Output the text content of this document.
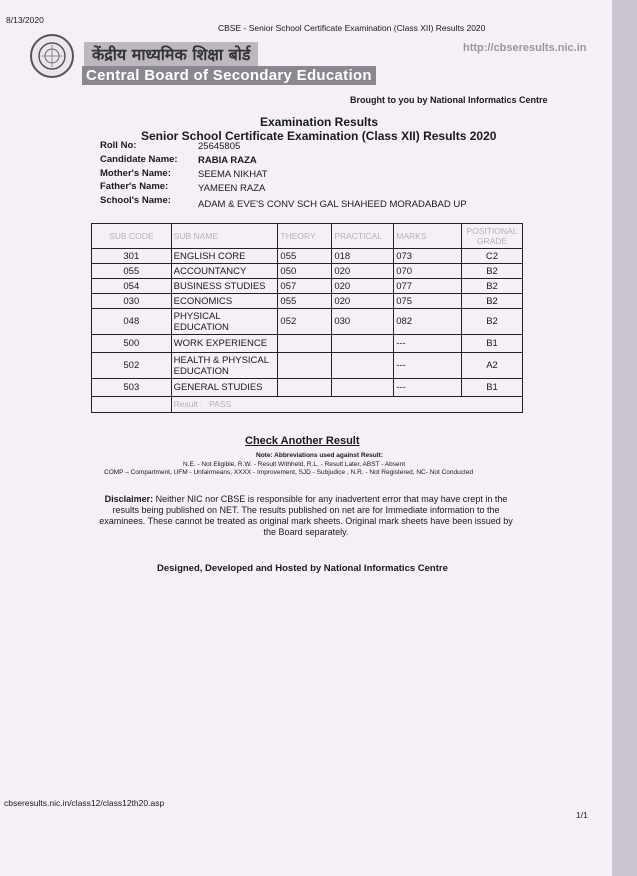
8/13/2020
CBSE - Senior School Certificate Examination (Class XII) Results 2020
केंद्रीय माध्यमिक शिक्षा बोर्ड
Central Board of Secondary Education
http://cbseresults.nic.in
Brought to you by National Informatics Centre
Examination Results
Senior School Certificate Examination (Class XII) Results 2020
Roll No:	25645805
Candidate Name: RABIA RAZA
Mother's Name:	SEEMA NIKHAT
Father's Name:	YAMEEN RAZA
School's Name:	ADAM & EVE'S CONV SCH GAL SHAHEED MORADABAD UP
SUB CODE	SUB NAME	THEORY	PRACTICAL	MARKS	POSITIONAL GRADE
301	ENGLISH CORE	055	018	073	C2
055	ACCOUNTANCY	050	020	070	B2
054	BUSINESS STUDIES	057	020	077	B2
030	ECONOMICS	055	020	075	B2
048	PHYSICAL EDUCATION	052	030	082	B2
500	WORK EXPERIENCE			---	B1
502	HEALTH & PHYSICAL EDUCATION			---	A2
503	GENERAL STUDIES			---	B1
	Result : PASS				
Check Another Result
Note: Abbreviations used against Result:
N.E. - Not Eligible, R.W. - Result Withheld, R.L. - Result Later, ABST - Absent
COMP – Compartment, UFM - Unfairmeans, XXXX - Improvement, SJD - Subjudice , N.R. - Not Registered, NC- Not Conducted
Disclaimer: Neither NIC nor CBSE is responsible for any inadvertent error that may have crept in the results being published on NET. The results published on net are for Immediate information to the examinees. These cannot be treated as original mark sheets. Original mark sheets have been issued by the Board separately.
Designed, Developed and Hosted by National Informatics Centre
cbseresults.nic.in/class12/class12th20.asp
1/1
